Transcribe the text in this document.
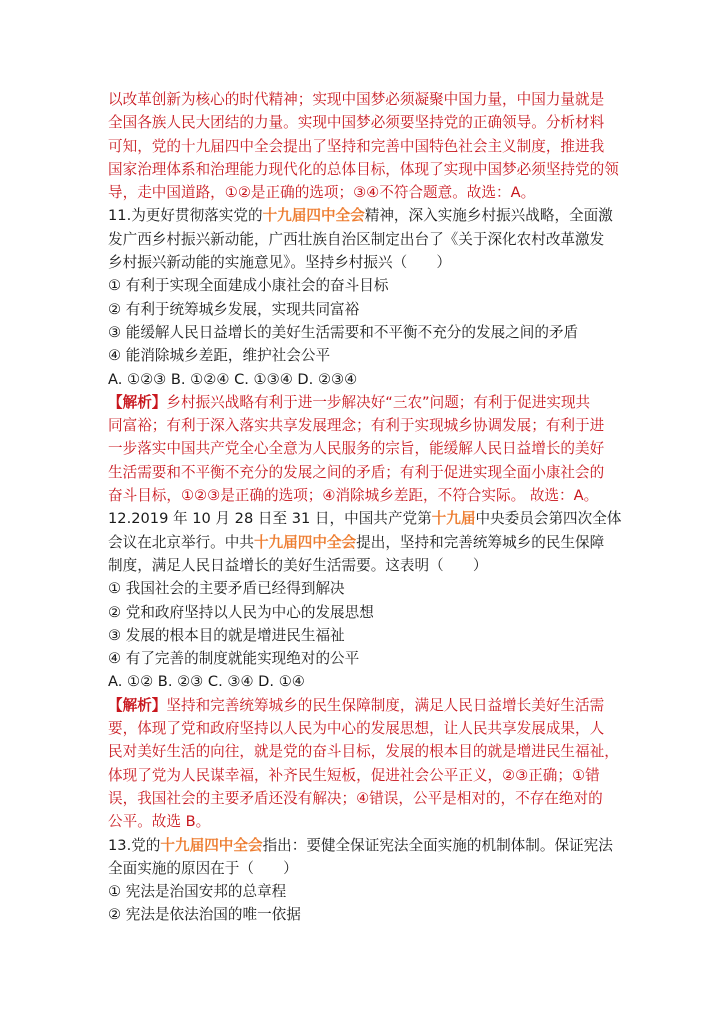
以改革创新为核心的时代精神；实现中国梦必须凝聚中国力量，中国力量就是
全国各族人民大团结的力量。实现中国梦必须要坚持党的正确领导。分析材料
可知，党的十九届四中全会提出了坚持和完善中国特色社会主义制度，推进我
国家治理体系和治理能力现代化的总体目标，体现了实现中国梦必须坚持党的领
导，走中国道路，①②是正确的选项；③④不符合题意。故选：A。
11.为更好贯彻落实党的十九届四中全会精神，深入实施乡村振兴战略，全面激
发广西乡村振兴新动能，广西壮族自治区制定出台了《关于深化农村改革激发
乡村振兴新动能的实施意见》。坚持乡村振兴（　　）
① 有利于实现全面建成小康社会的奋斗目标
② 有利于统筹城乡发展，实现共同富裕
③ 能缓解人民日益增长的美好生活需要和不平衡不充分的发展之间的矛盾
④ 能消除城乡差距，维护社会公平
A. ①②③ B. ①②④ C. ①③④ D. ②③④
【解析】乡村振兴战略有利于进一步解决好“三农”问题；有利于促进实现共
同富裕；有利于深入落实共享发展理念；有利于实现城乡协调发展；有利于进
一步落实中国共产党全心全意为人民服务的宗旨，能缓解人民日益增长的美好
生活需要和不平衡不充分的发展之间的矛盾；有利于促进实现全面小康社会的
奋斗目标，①②③是正确的选项；④消除城乡差距，不符合实际。 故选：A。
12.2019 年 10 月 28 日至 31 日，中国共产党第十九届中央委员会第四次全体
会议在北京举行。中共十九届四中全会提出，坚持和完善统筹城乡的民生保障
制度，满足人民日益增长的美好生活需要。这表明（　　）
① 我国社会的主要矛盾已经得到解决
② 党和政府坚持以人民为中心的发展思想
③ 发展的根本目的就是增进民生福祉
④ 有了完善的制度就能实现绝对的公平
A. ①② B. ②③ C. ③④ D. ①④
【解析】坚持和完善统筹城乡的民生保障制度，满足人民日益增长美好生活需
要，体现了党和政府坚持以人民为中心的发展思想，让人民共享发展成果，人
民对美好生活的向往，就是党的奋斗目标，发展的根本目的就是增进民生福祉，
体现了党为人民谋幸福，补齐民生短板，促进社会公平正义，②③正确；①错
误，我国社会的主要矛盾还没有解决；④错误，公平是相对的，不存在绝对的
公平。故选 B。
13.党的十九届四中全会指出：要健全保证宪法全面实施的机制体制。保证宪法
全面实施的原因在于（　　）
① 宪法是治国安邦的总章程
② 宪法是依法治国的唯一依据
